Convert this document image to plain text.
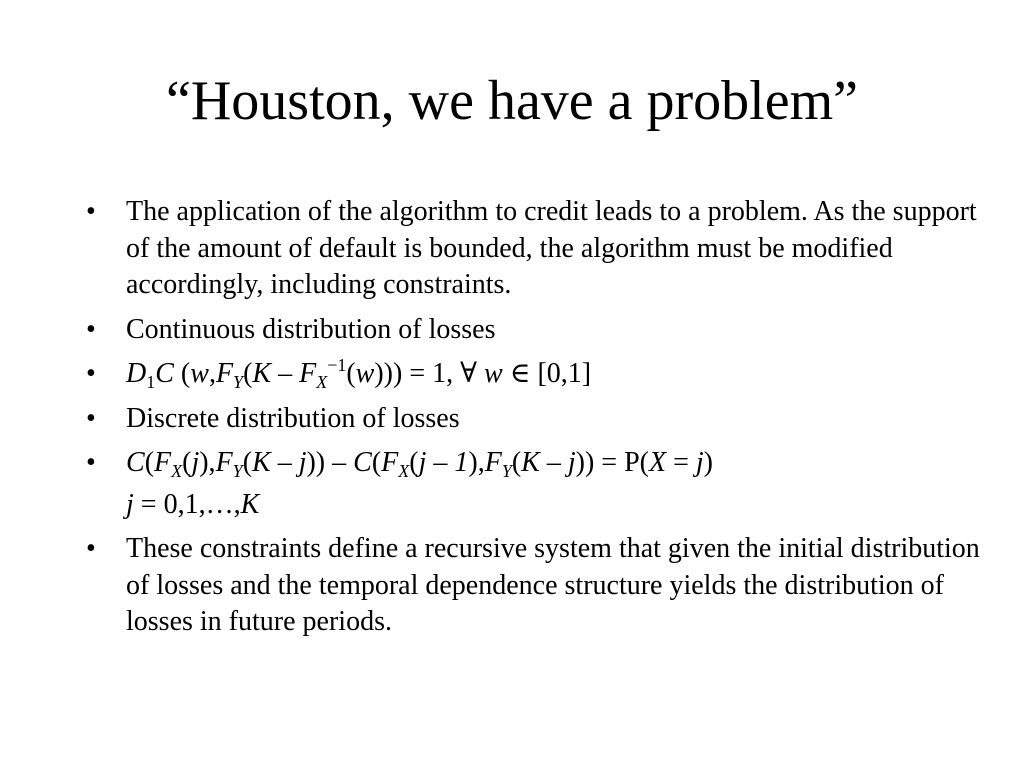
“Houston, we have a problem”
•	The application of the algorithm to credit leads to a problem. As the support of the amount of default is bounded, the algorithm must be modified accordingly, including constraints.
•	Continuous distribution of losses
•	$D_1C$ $(w,F_Y(K - F_X^{-1}(w))) = 1$, ∀ w ∈ [0,1]
•	Discrete distribution of losses
•	$C(F_X(j),F_Y(K - j)) - C(F_X(j - 1),F_Y(K - j)) = P(X = j)$
j = 0,1,…,K
•	These constraints define a recursive system that given the initial distribution of losses and the temporal dependence structure yields the distribution of losses in future periods.
